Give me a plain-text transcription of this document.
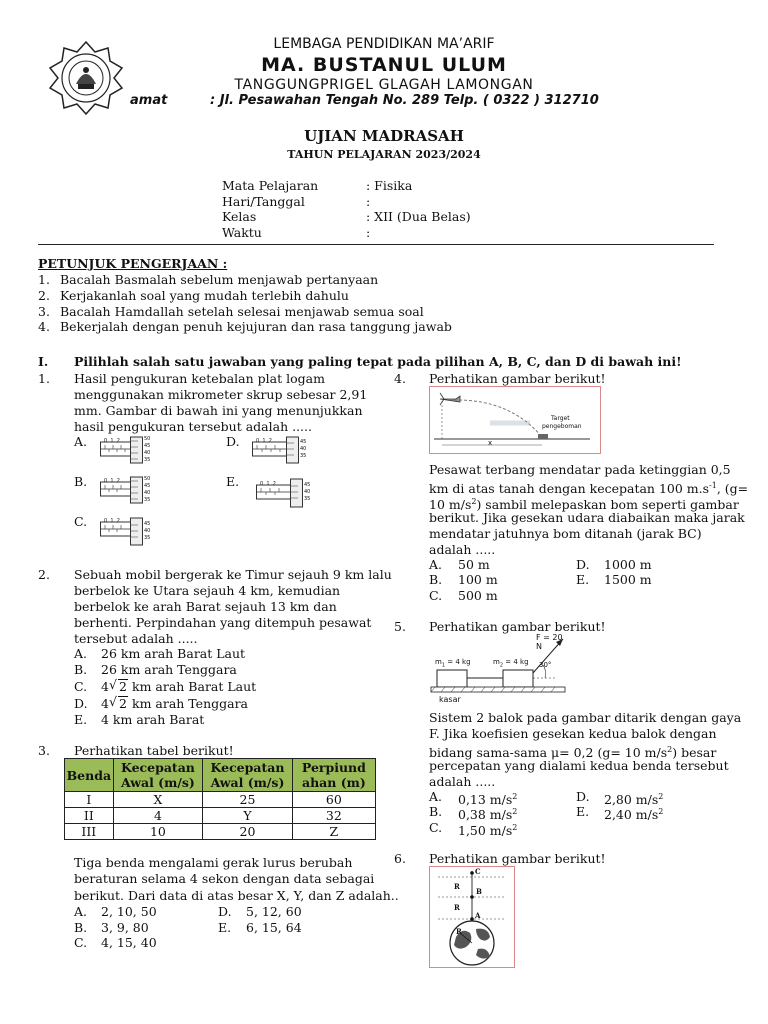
LEMBAGA PENDIDIKAN MA’ARIF
MA. BUSTANUL ULUM
TANGGUNGPRIGEL GLAGAH LAMONGAN
amat	: Jl. Pesawahan Tengah No. 289 Telp. ( 0322 ) 312710
UJIAN MADRASAH
TAHUN PELAJARAN 2023/2024
Mata Pelajaran	: Fisika
Hari/Tanggal	:
Kelas	: XII (Dua Belas)
Waktu	:
PETUNJUK PENGERJAAN :
1. Bacalah Basmalah sebelum menjawab pertanyaan
2. Kerjakanlah soal yang mudah terlebih dahulu
3. Bacalah Hamdallah setelah selesai menjawab semua soal
4. Bekerjalah dengan penuh kejujuran dan rasa tanggung jawab
I. Pilihlah salah satu jawaban yang paling tepat pada pilihan A, B, C, dan D di bawah ini!
1. Hasil pengukuran ketebalan plat logam
menggunakan mikrometer skrup sebesar 2,91
mm. Gambar di bawah ini yang menunjukkan
hasil pengukuran tersebut adalah .....
A.	D.
B.	E.
C.
0  1  2	50
45
40
35
0  1  2	45
40
35
0  1  2	50
45
40
35
0  1  2	45
40
35
0  1  2	45
40
35
2. Sebuah mobil bergerak ke Timur sejauh 9 km lalu
berbelok ke Utara sejauh 4 km, kemudian
berbelok ke arah Barat sejauh 13 km dan
berhenti. Perpindahan yang ditempuh pesawat
tersebut adalah .....
A. 26 km arah Barat Laut
B. 26 km arah Tenggara
C. 4 √ 2 km arah Barat Laut
D. 4 √ 2 km arah Tenggara
E. 4 km arah Barat
3. Perhatikan tabel berikut!
Benda	Kecepatan Awal (m/s)	Kecepatan Awal (m/s)	Perpiund ahan (m)
I	X	25	60
II	4	Y	32
III	10	20	Z
Tiga benda mengalami gerak lurus berubah
beraturan selama 4 sekon dengan data sebagai
berikut. Dari data di atas besar X, Y, dan Z adalah..
A. 2, 10, 50
B. 3, 9, 80
C. 4, 15, 40
D. 5, 12, 60
E. 6, 15, 64
4. Perhatikan gambar berikut!
Target
pengeboman
x
Pesawat terbang mendatar pada ketinggian 0,5
km di atas tanah dengan kecepatan 100 $m.s^{-1}$, (g=
10 $m/s^2$) sambil melepaskan bom seperti gambar
berikut. Jika gesekan udara diabaikan maka jarak
mendatar jatuhnya bom ditanah (jarak BC)
adalah .....
A. 50 m
B. 100 m
C. 500 m
D. 1000 m
E. 1500 m
5. Perhatikan gambar berikut!
F = 20 N
$m_1 = 4$ kg	$m_2 = 4$ kg 30°
kasar
Sistem 2 balok pada gambar ditarik dengan gaya
F. Jika koefisien gesekan kedua balok dengan
bidang sama-sama μ= 0,2 (g= 10 $m/s^2$) besar
percepatan yang dialami kedua benda tersebut
adalah .....
A. 0,13 $m/s^2$
B. 0,38 $m/s^2$
C. 1,50 $m/s^2$
D. 2,80 $m/s^2$
E. 2,40 $m/s^2$
6. Perhatikan gambar berikut!
C
R
B
R
A
R
